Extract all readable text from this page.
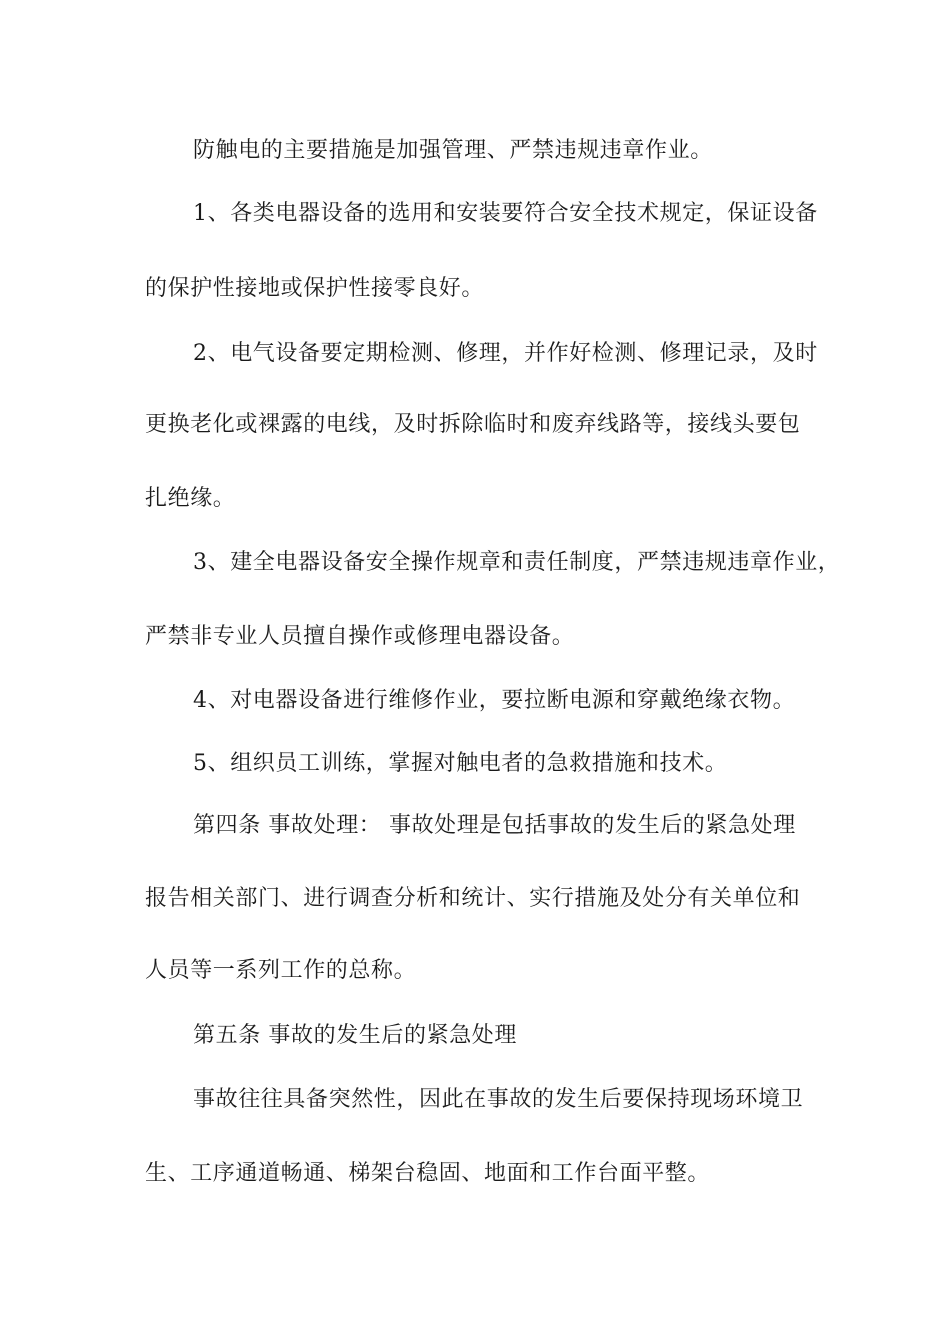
防触电的主要措施是加强管理、严禁违规违章作业。
1、各类电器设备的选用和安装要符合安全技术规定，保证设备
的保护性接地或保护性接零良好。
2、电气设备要定期检测、修理，并作好检测、修理记录，及时
更换老化或裸露的电线，及时拆除临时和废弃线路等，接线头要包
扎绝缘。
3、建全电器设备安全操作规章和责任制度，严禁违规违章作业，
严禁非专业人员擅自操作或修理电器设备。
4、对电器设备进行维修作业，要拉断电源和穿戴绝缘衣物。
5、组织员工训练，掌握对触电者的急救措施和技术。
第四条 事故处理： 事故处理是包括事故的发生后的紧急处理
报告相关部门、进行调查分析和统计、实行措施及处分有关单位和
人员等一系列工作的总称。
第五条 事故的发生后的紧急处理
事故往往具备突然性，因此在事故的发生后要保持现场环境卫
生、工序通道畅通、梯架台稳固、地面和工作台面平整。
